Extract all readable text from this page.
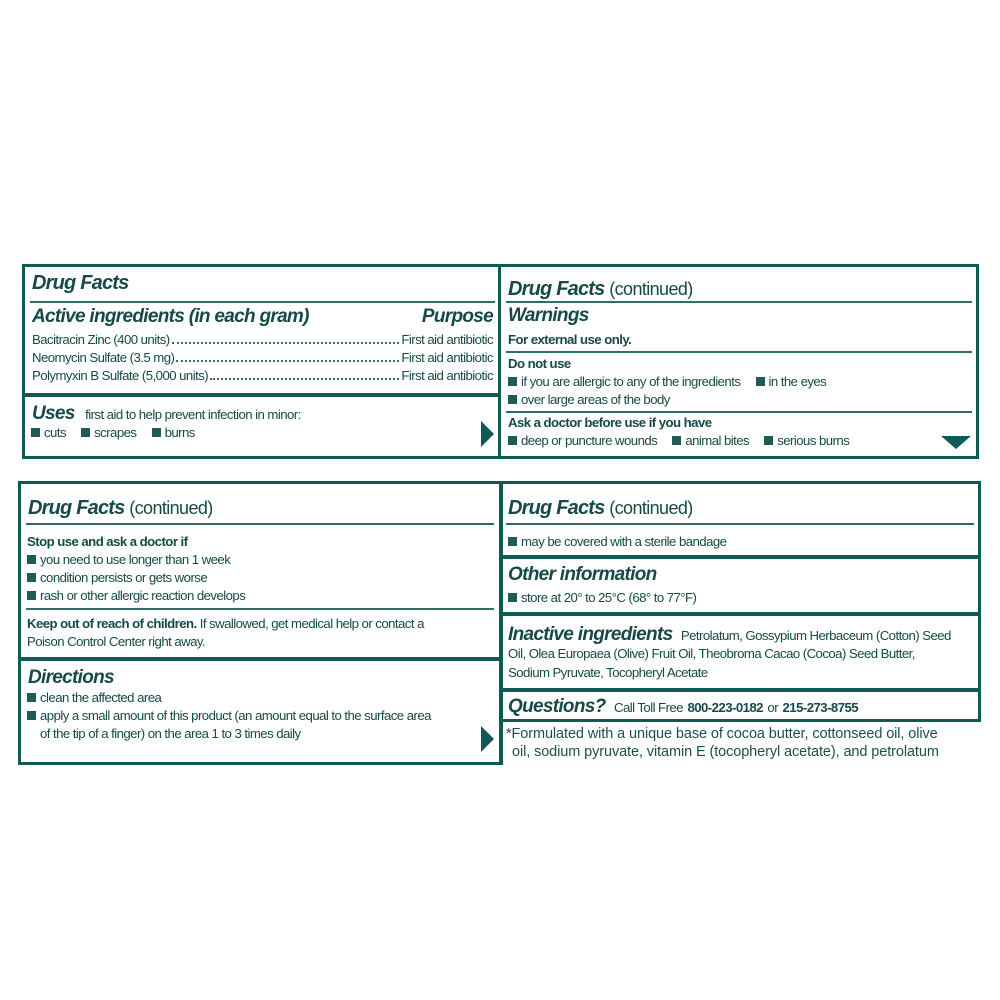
Drug Facts
Active ingredients (in each gram)	Purpose
Bacitracin Zinc (400 units)	First aid antibiotic
Neomycin Sulfate (3.5 mg)	First aid antibiotic
Polymyxin B Sulfate (5,000 units)	First aid antibiotic
Uses first aid to help prevent infection in minor:
cuts scrapes burns
Drug Facts (continued)
Warnings
For external use only.
Do not use
if you are allergic to any of the ingredients in the eyes
over large areas of the body
Ask a doctor before use if you have
deep or puncture wounds animal bites serious burns
Drug Facts (continued)
Stop use and ask a doctor if
you need to use longer than 1 week
condition persists or gets worse
rash or other allergic reaction develops
Keep out of reach of children. If swallowed, get medical help or contact a
Poison Control Center right away.
Directions
clean the affected area
apply a small amount of this product (an amount equal to the surface area
of the tip of a finger) on the area 1 to 3 times daily
Drug Facts (continued)
may be covered with a sterile bandage
Other information
store at 20° to 25°C (68° to 77°F)
Inactive ingredients Petrolatum, Gossypium Herbaceum (Cotton) Seed
Oil, Olea Europaea (Olive) Fruit Oil, Theobroma Cacao (Cocoa) Seed Butter,
Sodium Pyruvate, Tocopheryl Acetate
Questions? Call Toll Free 800-223-0182 or 215-273-8755
*Formulated with a unique base of cocoa butter, cottonseed oil, olive
oil, sodium pyruvate, vitamin E (tocopheryl acetate), and petrolatum
